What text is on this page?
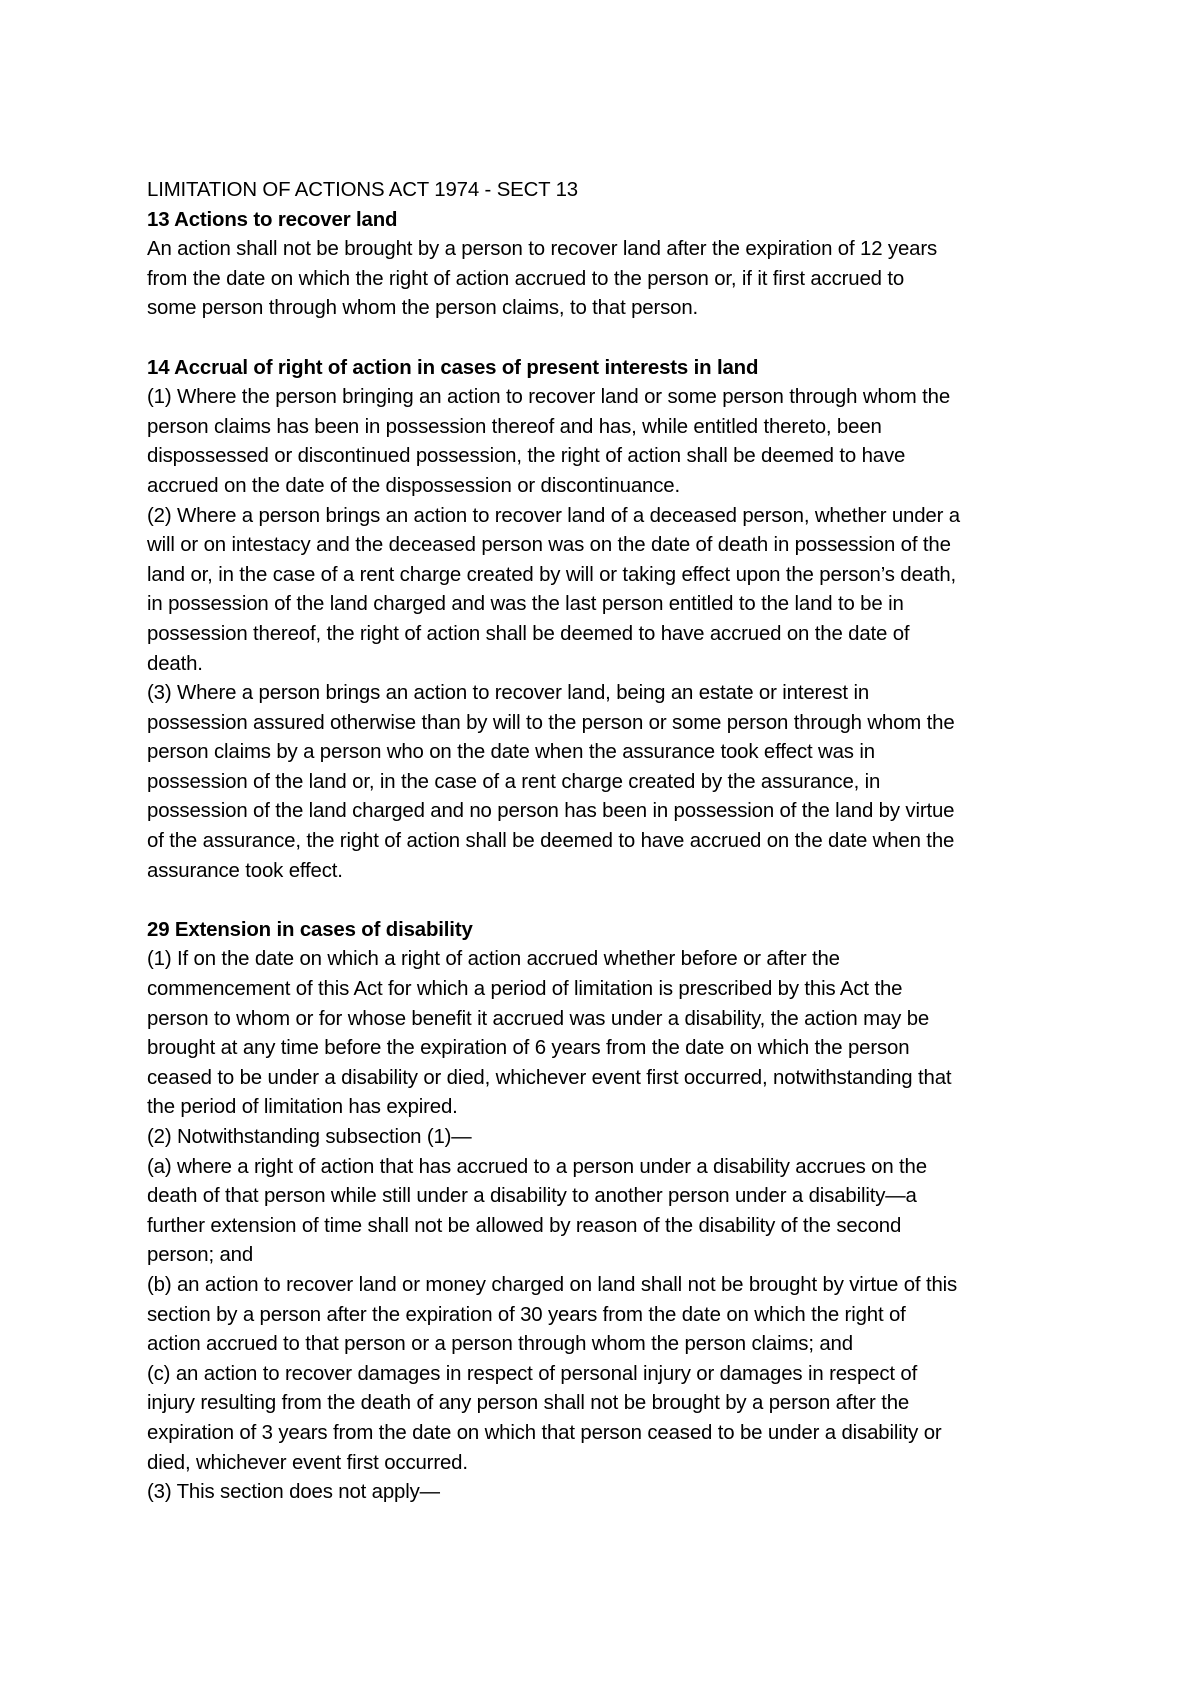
LIMITATION OF ACTIONS ACT 1974 - SECT 13
13 Actions to recover land
An action shall not be brought by a person to recover land after the expiration of 12 years
from the date on which the right of action accrued to the person or, if it first accrued to
some person through whom the person claims, to that person.
14 Accrual of right of action in cases of present interests in land
(1) Where the person bringing an action to recover land or some person through whom the
person claims has been in possession thereof and has, while entitled thereto, been
dispossessed or discontinued possession, the right of action shall be deemed to have
accrued on the date of the dispossession or discontinuance.
(2) Where a person brings an action to recover land of a deceased person, whether under a
will or on intestacy and the deceased person was on the date of death in possession of the
land or, in the case of a rent charge created by will or taking effect upon the person’s death,
in possession of the land charged and was the last person entitled to the land to be in
possession thereof, the right of action shall be deemed to have accrued on the date of
death.
(3) Where a person brings an action to recover land, being an estate or interest in
possession assured otherwise than by will to the person or some person through whom the
person claims by a person who on the date when the assurance took effect was in
possession of the land or, in the case of a rent charge created by the assurance, in
possession of the land charged and no person has been in possession of the land by virtue
of the assurance, the right of action shall be deemed to have accrued on the date when the
assurance took effect.
29 Extension in cases of disability
(1) If on the date on which a right of action accrued whether before or after the
commencement of this Act for which a period of limitation is prescribed by this Act the
person to whom or for whose benefit it accrued was under a disability, the action may be
brought at any time before the expiration of 6 years from the date on which the person
ceased to be under a disability or died, whichever event first occurred, notwithstanding that
the period of limitation has expired.
(2) Notwithstanding subsection (1)—
(a) where a right of action that has accrued to a person under a disability accrues on the
death of that person while still under a disability to another person under a disability—a
further extension of time shall not be allowed by reason of the disability of the second
person; and
(b) an action to recover land or money charged on land shall not be brought by virtue of this
section by a person after the expiration of 30 years from the date on which the right of
action accrued to that person or a person through whom the person claims; and
(c) an action to recover damages in respect of personal injury or damages in respect of
injury resulting from the death of any person shall not be brought by a person after the
expiration of 3 years from the date on which that person ceased to be under a disability or
died, whichever event first occurred.
(3) This section does not apply—
